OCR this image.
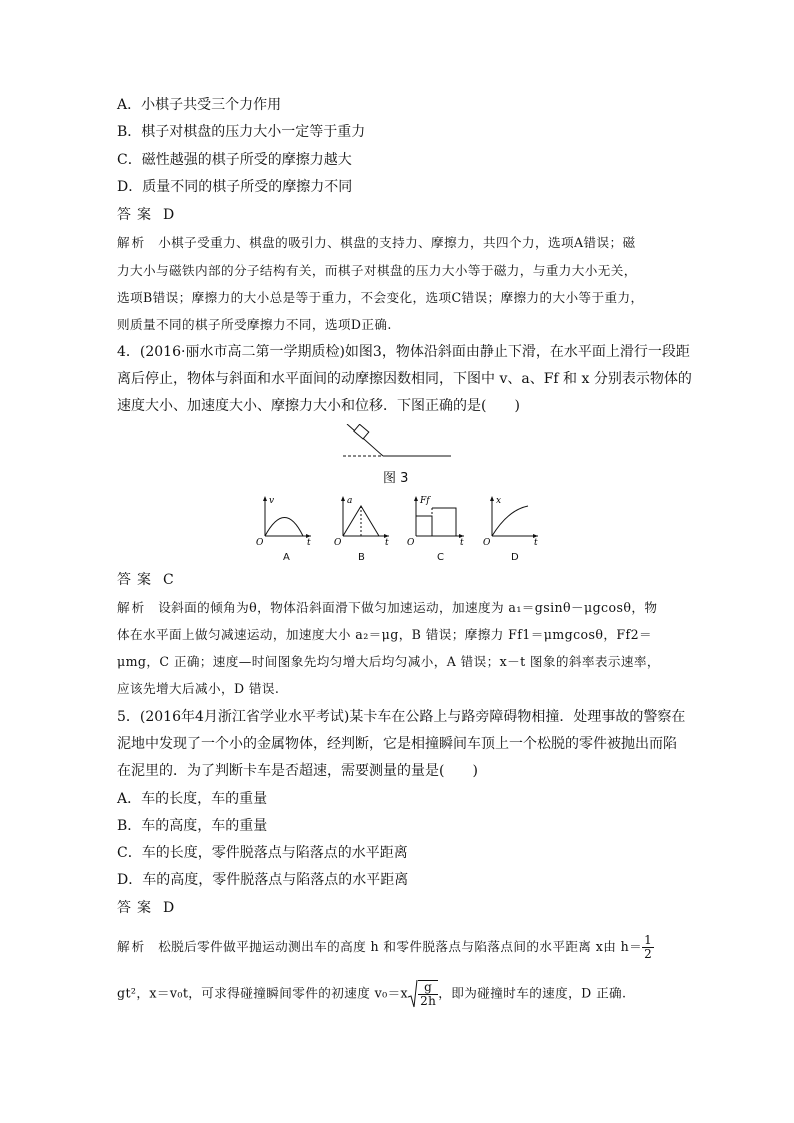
A．小棋子共受三个力作用
B．棋子对棋盘的压力大小一定等于重力
C．磁性越强的棋子所受的摩擦力越大
D．质量不同的棋子所受的摩擦力不同
答案 D
解析 小棋子受重力、棋盘的吸引力、棋盘的支持力、摩擦力，共四个力，选项A错误；磁
力大小与磁铁内部的分子结构有关，而棋子对棋盘的压力大小等于磁力，与重力大小无关，
选项B错误；摩擦力的大小总是等于重力，不会变化，选项C错误；摩擦力的大小等于重力，
则质量不同的棋子所受摩擦力不同，选项D正确.
4．(2016·丽水市高二第一学期质检)如图3，物体沿斜面由静止下滑，在水平面上滑行一段距
离后停止，物体与斜面和水平面间的动摩擦因数相同，下图中 v、a、Ff 和 x 分别表示物体的
速度大小、加速度大小、摩擦力大小和位移．下图正确的是(　　)
图 3
v
O	t
A
a
O	t
B
Ff
O	t
C
x
O	t
D
答案 C
解析 设斜面的倾角为θ，物体沿斜面滑下做匀加速运动，加速度为 a₁＝gsinθ－μgcosθ，物
体在水平面上做匀减速运动，加速度大小 a₂＝μg，B 错误；摩擦力 Ff1＝μmgcosθ，Ff2＝
μmg，C 正确；速度—时间图象先均匀增大后均匀减小，A 错误；x－t 图象的斜率表示速率，
应该先增大后减小，D 错误.
5．(2016年4月浙江省学业水平考试)某卡车在公路上与路旁障碍物相撞．处理事故的警察在
泥地中发现了一个小的金属物体，经判断，它是相撞瞬间车顶上一个松脱的零件被抛出而陷
在泥里的．为了判断卡车是否超速，需要测量的量是(　　)
A．车的长度，车的重量
B．车的高度，车的重量
C．车的长度，零件脱落点与陷落点的水平距离
D．车的高度，零件脱落点与陷落点的水平距离
答案 D
解析 松脱后零件做平抛运动测出车的高度 h 和零件脱落点与陷落点间的水平距离 x由 $h= \frac{1}{2}$
gt²，x＝v₀t，可求得碰撞瞬间零件的初速度 $v_0=x \frac{g}{2h}$ ，即为碰撞时车的速度，D 正确.
